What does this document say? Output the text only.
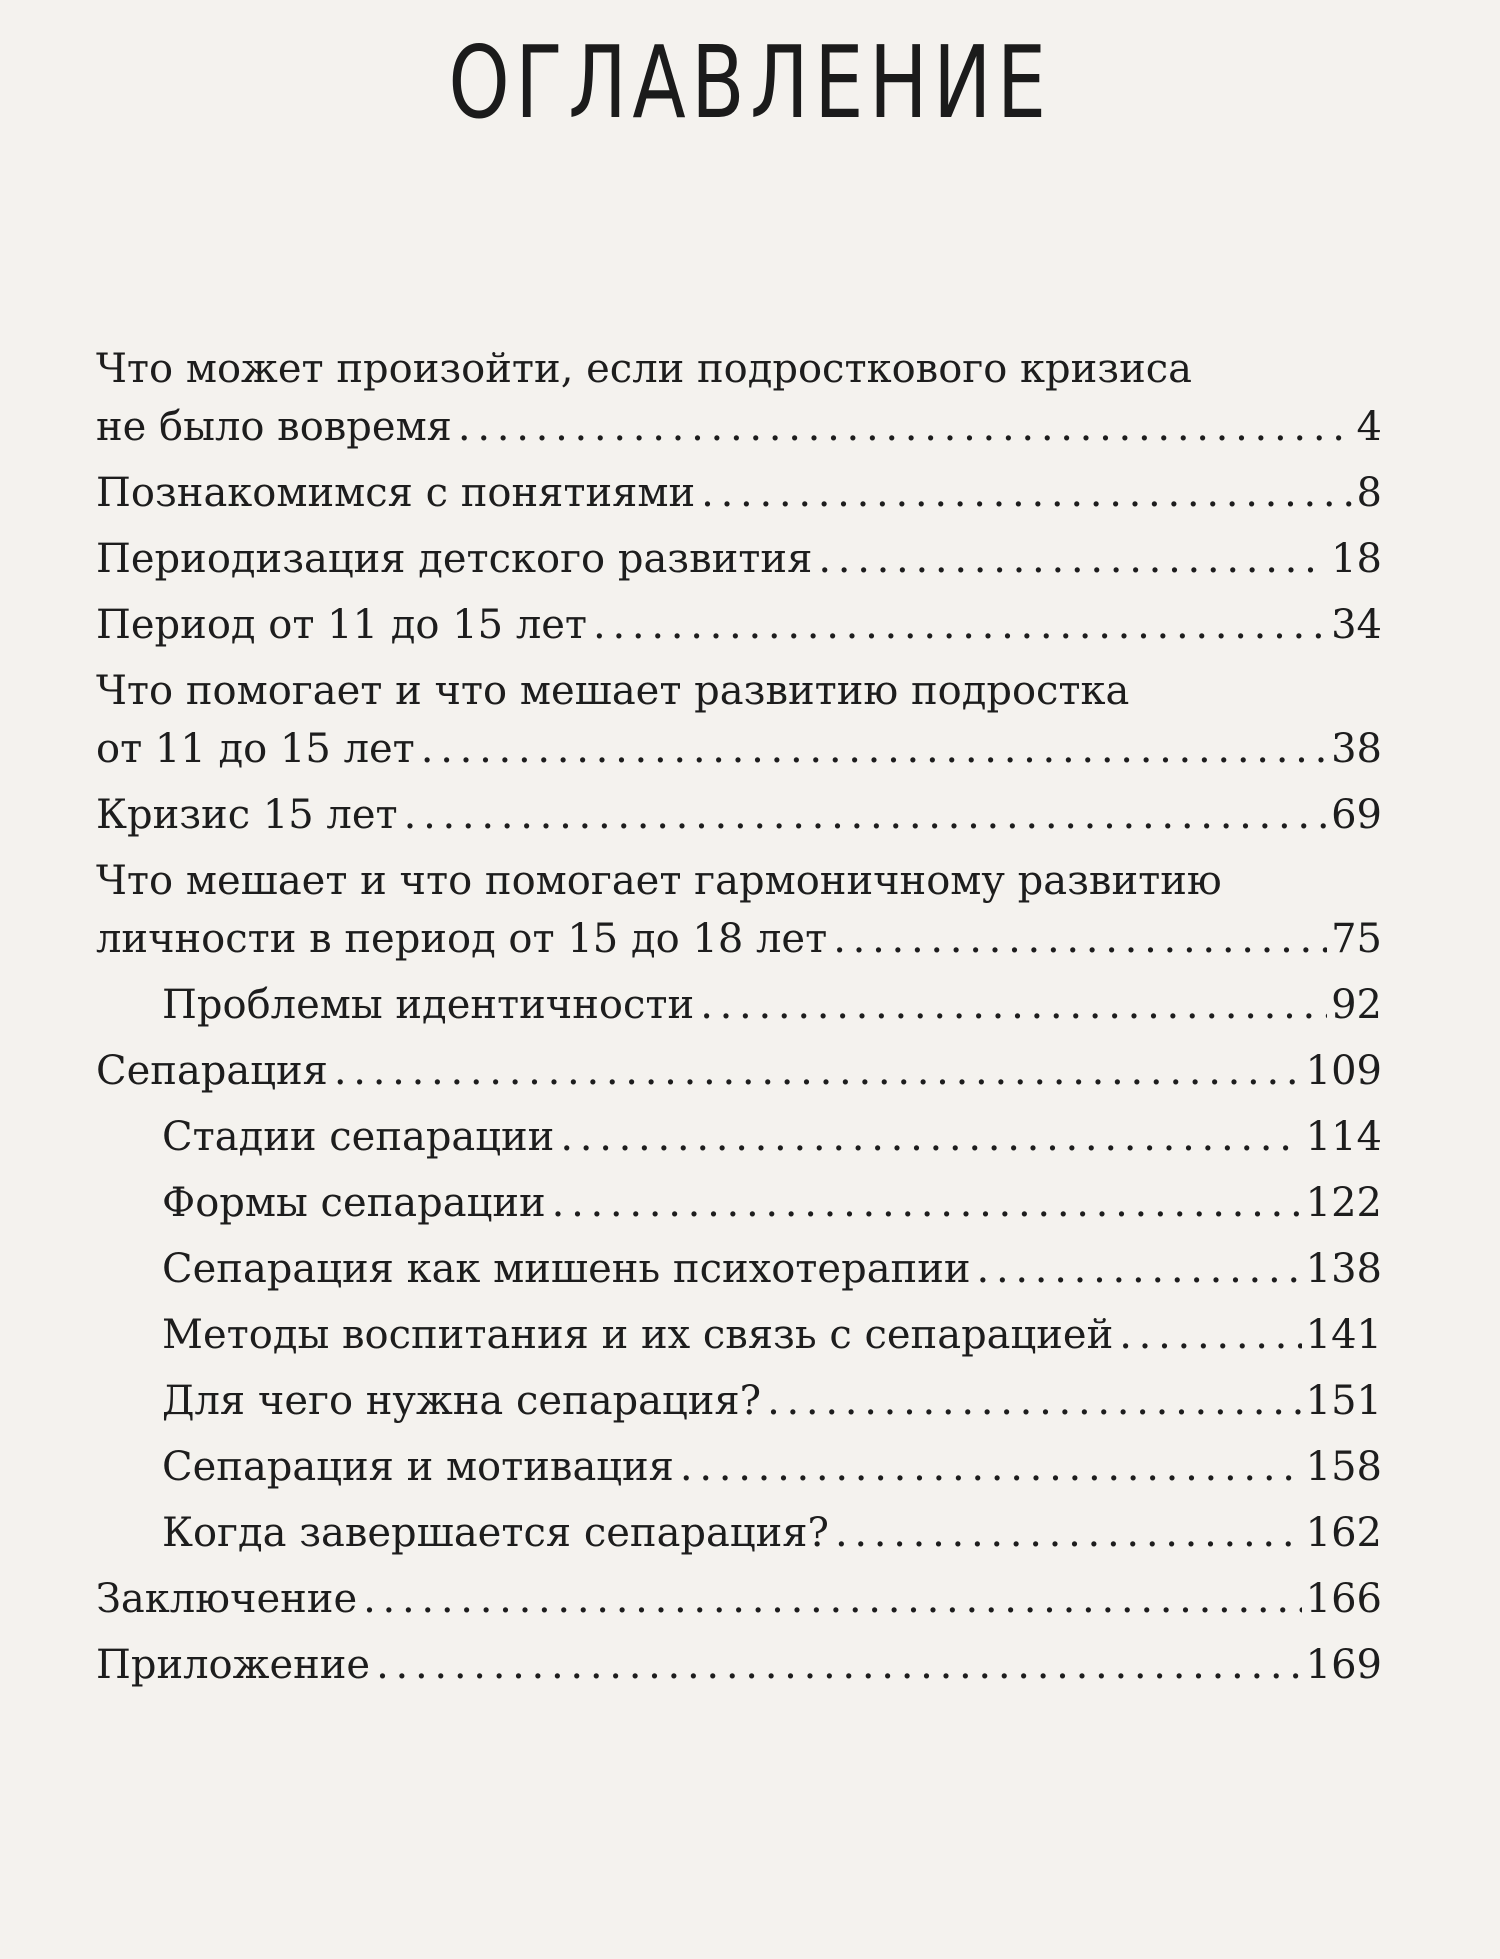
ОГЛАВЛЕНИЕ
Что может произойти, если подросткового кризиса
не было вовремя . . .	4
Познакомимся с понятиями . . .	8
Периодизация детского развития . . .	18
Период от 11 до 15 лет . . .	34
Что помогает и что мешает развитию подростка
от 11 до 15 лет . . .	38
Кризис 15 лет . . .	69
Что мешает и что помогает гармоничному развитию
личности в период от 15 до 18 лет . . .	75
Проблемы идентичности . . .	92
Сепарация . . .	109
Стадии сепарации . . .	114
Формы сепарации . . .	122
Сепарация как мишень психотерапии . . .	138
Методы воспитания и их связь с сепарацией . . .	141
Для чего нужна сепарация? . . .	151
Сепарация и мотивация . . .	158
Когда завершается сепарация? . . .	162
Заключение . . .	166
Приложение . . .	169
